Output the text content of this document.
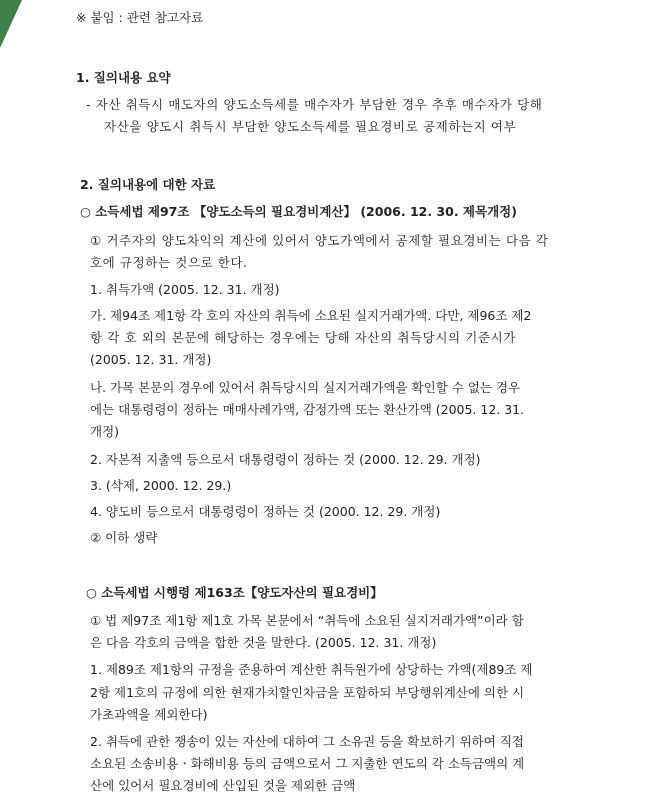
※ 붙임 : 관련 참고자료
1. 질의내용 요약
- 자산 취득시 매도자의 양도소득세를 매수자가 부담한 경우 추후 매수자가 당해
자산을 양도시 취득시 부담한 양도소득세를 필요경비로 공제하는지 여부
2. 질의내용에 대한 자료
○ 소득세법 제97조 【양도소득의 필요경비계산】 (2006. 12. 30. 제목개정)
① 거주자의 양도차익의 계산에 있어서 양도가액에서 공제할 필요경비는 다음 각
호에 규정하는 것으로 한다.
1. 취득가액 (2005. 12. 31. 개정)
가. 제94조 제1항 각 호의 자산의 취득에 소요된 실지거래가액. 다만, 제96조 제2
항 각 호 외의 본문에 해당하는 경우에는 당해 자산의 취득당시의 기준시가
(2005. 12. 31. 개정)
나. 가목 본문의 경우에 있어서 취득당시의 실지거래가액을 확인할 수 없는 경우
에는 대통령령이 정하는 매매사례가액, 감정가액 또는 환산가액 (2005. 12. 31.
개정)
2. 자본적 지출액 등으로서 대통령령이 정하는 것 (2000. 12. 29. 개정)
3. (삭제, 2000. 12. 29.)
4. 양도비 등으로서 대통령령이 정하는 것 (2000. 12. 29. 개정)
② 이하 생략
○ 소득세법 시행령 제163조【양도자산의 필요경비】
① 법 제97조 제1항 제1호 가목 본문에서 “취득에 소요된 실지거래가액”이라 함
은 다음 각호의 금액을 합한 것을 말한다. (2005. 12. 31. 개정)
1. 제89조 제1항의 규정을 준용하여 계산한 취득원가에 상당하는 가액(제89조 제
2항 제1호의 규정에 의한 현재가치할인차금을 포함하되 부당행위계산에 의한 시
가초과액을 제외한다)
2. 취득에 관한 쟁송이 있는 자산에 대하여 그 소유권 등을 확보하기 위하여 직접
소요된 소송비용ㆍ화해비용 등의 금액으로서 그 지출한 연도의 각 소득금액의 계
산에 있어서 필요경비에 산입된 것을 제외한 금액
